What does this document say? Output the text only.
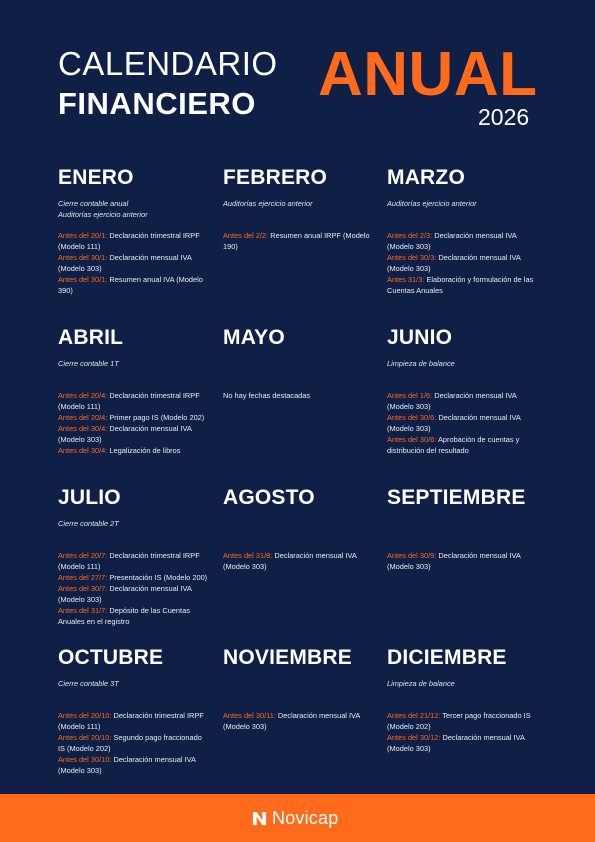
CALENDARIO
FINANCIERO ANUAL
2026
ENERO
Cierre contable anual
Auditorías ejercicio anterior
Antes del 20/1: Declaración trimestral IRPF (Modelo 111)
Antes del 30/1: Declaración mensual IVA (Modelo 303)
Antes del 30/1: Resumen anual IVA (Modelo 390)
FEBRERO
Auditorías ejercicio anterior
Antes del 2/2: Resumen anual IRPF (Modelo 190)
MARZO
Auditorías ejercicio anterior
Antes del 2/3: Declaración mensual IVA (Modelo 303)
Antes del 30/3: Declaración mensual IVA (Modelo 303)
Antes 31/3: Elaboración y formulación de las Cuentas Anuales
ABRIL
Cierre contable 1T
Antes del 20/4: Declaración trimestral IRPF (Modelo 111)
Antes del 20/4: Primer pago IS (Modelo 202)
Antes del 30/4: Declaración mensual IVA (Modelo 303)
Antes del 30/4: Legalización de libros
MAYO
No hay fechas destacadas
JUNIO
Limpieza de balance
Antes del 1/6: Declaración mensual IVA (Modelo 303)
Antes del 30/6: Declaración mensual IVA (Modelo 303)
Antes del 30/6: Aprobación de cuentas y distribución del resultado
JULIO
Cierre contable 2T
Antes del 20/7: Declaración trimestral IRPF (Modelo 111)
Antes del 27/7: Presentación IS (Modelo 200)
Antes del 30/7: Declaración mensual IVA (Modelo 303)
Antes del 31/7: Depósito de las Cuentas Anuales en el registro
AGOSTO
Antes del 31/8: Declaración mensual IVA (Modelo 303)
SEPTIEMBRE
Antes del 30/9: Declaración mensual IVA (Modelo 303)
OCTUBRE
Cierre contable 3T
Antes del 20/10: Declaración trimestral IRPF (Modelo 111)
Antes del 20/10: Segundo pago fraccionado IS (Modelo 202)
Antes del 30/10: Declaración mensual IVA (Modelo 303)
NOVIEMBRE
Antes del 30/11: Declaración mensual IVA (Modelo 303)
DICIEMBRE
Limpieza de balance
Antes del 21/12: Tercer pago fraccionado IS (Modelo 202)
Antes del 30/12: Declaración mensual IVA (Modelo 303)
Novicap
